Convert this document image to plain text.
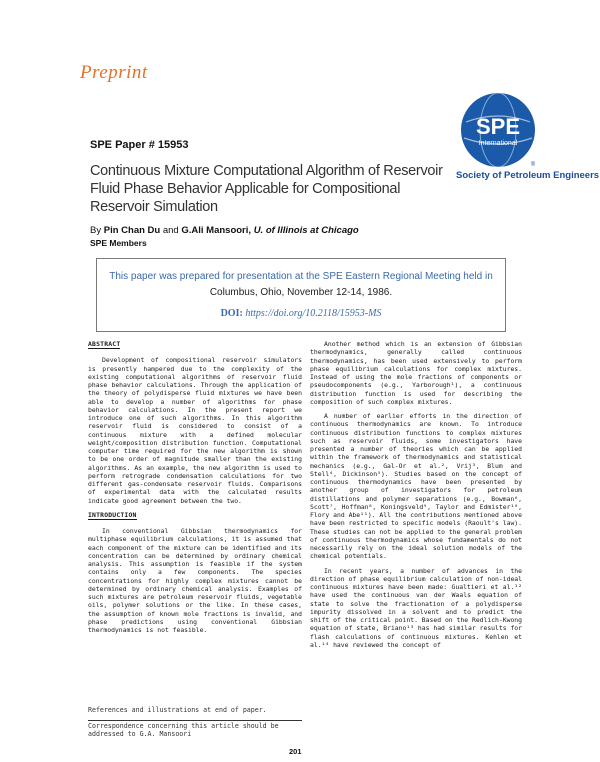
Preprint
SPE
International
®
Society of Petroleum Engineers
SPE Paper # 15953
Continuous Mixture Computational Algorithm of Reservoir Fluid Phase Behavior Applicable for Compositional Reservoir Simulation
By Pin Chan Du and G.Ali Mansoori, U. of Illinois at Chicago
SPE Members
This paper was prepared for presentation at the SPE Eastern Regional Meeting held in
Columbus, Ohio, November 12-14, 1986.
DOI: https://doi.org/10.2118/15953-MS
ABSTRACT

Development of compositional reservoir simulators is presently hampered due to the complexity of the existing computational algorithms of reservoir fluid phase behavior calculations. Through the application of the theory of polydisperse fluid mixtures we have been able to develop a number of algorithms for phase behavior calculations. In the present report we introduce one of such algorithms. In this algorithm reservoir fluid is considered to consist of a continuous mixture with a defined molecular weight/composition distribution function. Computational computer time required for the new algorithm is shown to be one order of magnitude smaller than the existing algorithms. As an example, the new algorithm is used to perform retrograde condensation calculations for two different gas-condensate reservoir fluids. Comparisons of experimental data with the calculated results indicate good agreement between the two.

INTRODUCTION

In conventional Gibbsian thermodynamics for multiphase equilibrium calculations, it is assumed that each component of the mixture can be identified and its concentration can be determined by ordinary chemical analysis. This assumption is feasible if the system contains only a few components. The species concentrations for highly complex mixtures cannot be determined by ordinary chemical analysis. Examples of such mixtures are petroleum reservoir fluids, vegetable oils, polymer solutions or the like. In these cases, the assumption of known mole fractions is invalid, and phase predictions using conventional Gibbsian thermodynamics is not feasible.

Another method which is an extension of Gibbsian thermodynamics, generally called continuous thermodynamics, has been used extensively to perform phase equilibrium calculations for complex mixtures. Instead of using the mole fractions of components or pseudocomponents (e.g., Yarborough¹), a continuous distribution function is used for describing the composition of such complex mixtures.

A number of earlier efforts in the direction of continuous thermodynamics are known. To introduce continuous distribution functions to complex mixtures such as reservoir fluids, some investigators have presented a number of theories which can be applied within the framework of thermodynamics and statistical mechanics (e.g., Gal-Or et al.², Vrij³, Blum and Stell⁴, Dickinson⁵). Studies based on the concept of continuous thermodynamics have been presented by another group of investigators for petroleum distillations and polymer separations (e.g., Bowman⁶, Scott⁷, Hoffman⁸, Koningsveld⁹, Taylor and Edmister¹⁰, Flory and Abe¹¹). All the contributions mentioned above have been restricted to specific models (Raoult's law). These studies can not be applied to the general problem of continuous thermodynamics whose fundamentals do not necessarily rely on the ideal solution models of the chemical potentials.

In recent years, a number of advances in the direction of phase equilibrium calculation of non-ideal continuous mixtures have been made: Gualtieri et al.¹² have used the continuous van der Waals equation of state to solve the fractionation of a polydisperse impurity dissolved in a solvent and to predict the shift of the critical point. Based on the Redlich-Kwong equation of state, Briano¹³ has had similar results for flash calculations of continuous mixtures. Kehlen et al.¹⁴ have reviewed the concept of

References and illustrations at end of paper.
Correspondence concerning this article should be addressed to G.A. Mansoori
201
